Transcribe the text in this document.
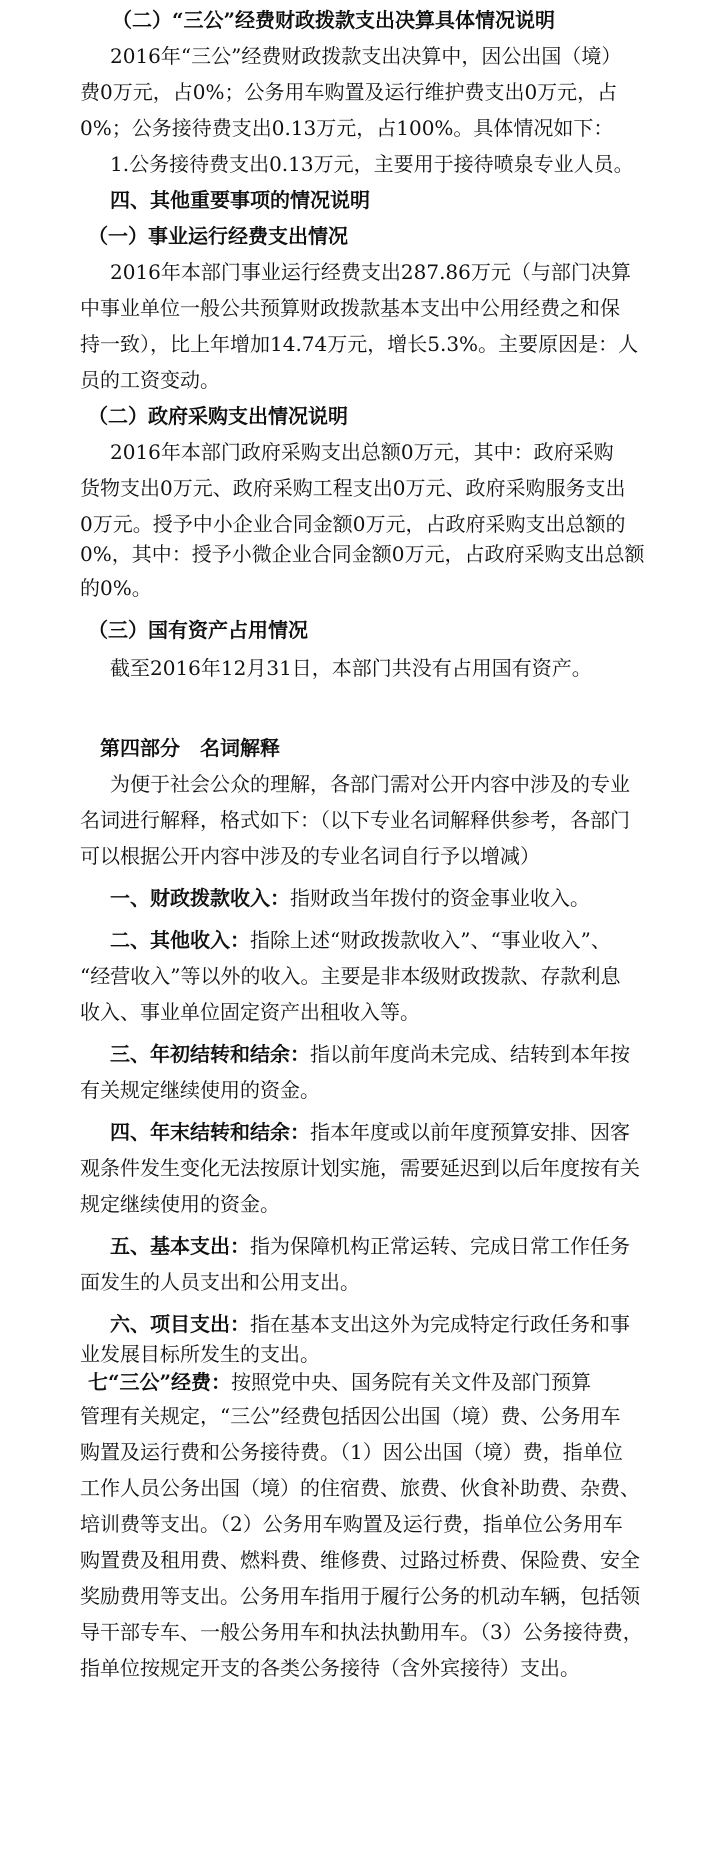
（二）“三公”经费财政拨款支出决算具体情况说明
2016年“三公”经费财政拨款支出决算中，因公出国（境）
费0万元，占0%；公务用车购置及运行维护费支出0万元，占
0%；公务接待费支出0.13万元，占100%。具体情况如下：
1.公务接待费支出0.13万元，主要用于接待喷泉专业人员。
四、其他重要事项的情况说明
（一）事业运行经费支出情况
2016年本部门事业运行经费支出287.86万元（与部门决算
中事业单位一般公共预算财政拨款基本支出中公用经费之和保
持一致），比上年增加14.74万元，增长5.3%。主要原因是：人
员的工资变动。
（二）政府采购支出情况说明
2016年本部门政府采购支出总额0万元，其中：政府采购
货物支出0万元、政府采购工程支出0万元、政府采购服务支出
0万元。授予中小企业合同金额0万元，占政府采购支出总额的
0%，其中：授予小微企业合同金额0万元，占政府采购支出总额
的0%。
（三）国有资产占用情况
截至2016年12月31日，本部门共没有占用国有资产。
第四部分　名词解释
为便于社会公众的理解，各部门需对公开内容中涉及的专业
名词进行解释，格式如下：（以下专业名词解释供参考，各部门
可以根据公开内容中涉及的专业名词自行予以增减）
一、财政拨款收入：指财政当年拨付的资金事业收入。
二、其他收入：指除上述“财政拨款收入”、“事业收入”、
“经营收入”等以外的收入。主要是非本级财政拨款、存款利息
收入、事业单位固定资产出租收入等。
三、年初结转和结余：指以前年度尚未完成、结转到本年按
有关规定继续使用的资金。
四、年末结转和结余：指本年度或以前年度预算安排、因客
观条件发生变化无法按原计划实施，需要延迟到以后年度按有关
规定继续使用的资金。
五、基本支出：指为保障机构正常运转、完成日常工作任务
面发生的人员支出和公用支出。
六、项目支出：指在基本支出这外为完成特定行政任务和事
业发展目标所发生的支出。
七“三公”经费：按照党中央、国务院有关文件及部门预算
管理有关规定，“三公”经费包括因公出国（境）费、公务用车
购置及运行费和公务接待费。（1）因公出国（境）费，指单位
工作人员公务出国（境）的住宿费、旅费、伙食补助费、杂费、
培训费等支出。（2）公务用车购置及运行费，指单位公务用车
购置费及租用费、燃料费、维修费、过路过桥费、保险费、安全
奖励费用等支出。公务用车指用于履行公务的机动车辆，包括领
导干部专车、一般公务用车和执法执勤用车。（3）公务接待费，
指单位按规定开支的各类公务接待（含外宾接待）支出。
